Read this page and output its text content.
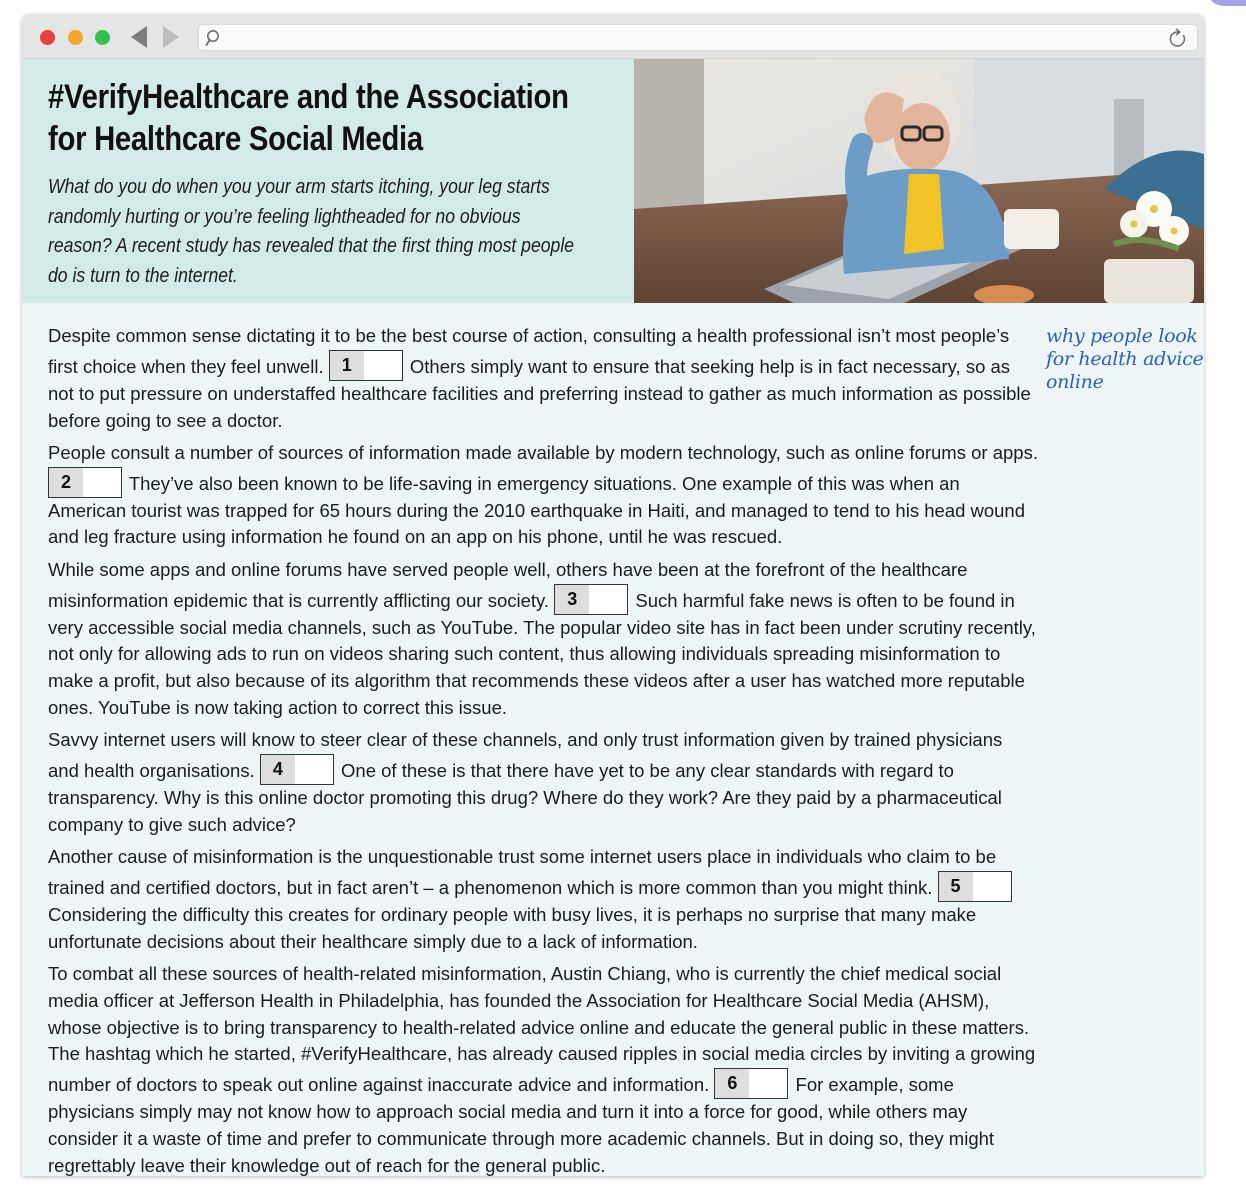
#VerifyHealthcare and the Association
for Healthcare Social Media

What do you do when you your arm starts itching, your leg starts randomly hurting or you’re feeling lightheaded for no obvious reason? A recent study has revealed that the first thing most people do is turn to the internet.

Despite common sense dictating it to be the best course of action, consulting a health professional isn’t most people’s first choice when they feel unwell.	1	Others simply want to ensure that seeking help is in fact necessary, so as not to put pressure on understaffed healthcare facilities and preferring instead to gather as much information as possible before going to see a doctor.

People consult a number of sources of information made available by modern technology, such as online forums or apps.
2	They’ve also been known to be life-saving in emergency situations. One example of this was when an American tourist was trapped for 65 hours during the 2010 earthquake in Haiti, and managed to tend to his head wound and leg fracture using information he found on an app on his phone, until he was rescued.

While some apps and online forums have served people well, others have been at the forefront of the healthcare misinformation epidemic that is currently afflicting our society.	3	Such harmful fake news is often to be found in very accessible social media channels, such as YouTube. The popular video site has in fact been under scrutiny recently, not only for allowing ads to run on videos sharing such content, thus allowing individuals spreading misinformation to make a profit, but also because of its algorithm that recommends these videos after a user has watched more reputable ones. YouTube is now taking action to correct this issue.

Savvy internet users will know to steer clear of these channels, and only trust information given by trained physicians and health organisations.	4	One of these is that there have yet to be any clear standards with regard to transparency. Why is this online doctor promoting this drug? Where do they work? Are they paid by a pharmaceutical company to give such advice?

Another cause of misinformation is the unquestionable trust some internet users place in individuals who claim to be trained and certified doctors, but in fact aren’t – a phenomenon which is more common than you might think.	5
Considering the difficulty this creates for ordinary people with busy lives, it is perhaps no surprise that many make unfortunate decisions about their healthcare simply due to a lack of information.

To combat all these sources of health-related misinformation, Austin Chiang, who is currently the chief medical social media officer at Jefferson Health in Philadelphia, has founded the Association for Healthcare Social Media (AHSM), whose objective is to bring transparency to health-related advice online and educate the general public in these matters. The hashtag which he started, #VerifyHealthcare, has already caused ripples in social media circles by inviting a growing number of doctors to speak out online against inaccurate advice and information.	6	For example, some physicians simply may not know how to approach social media and turn it into a force for good, while others may consider it a waste of time and prefer to communicate through more academic channels. But in doing so, they might regrettably leave their knowledge out of reach for the general public.

why people look for health advice online
